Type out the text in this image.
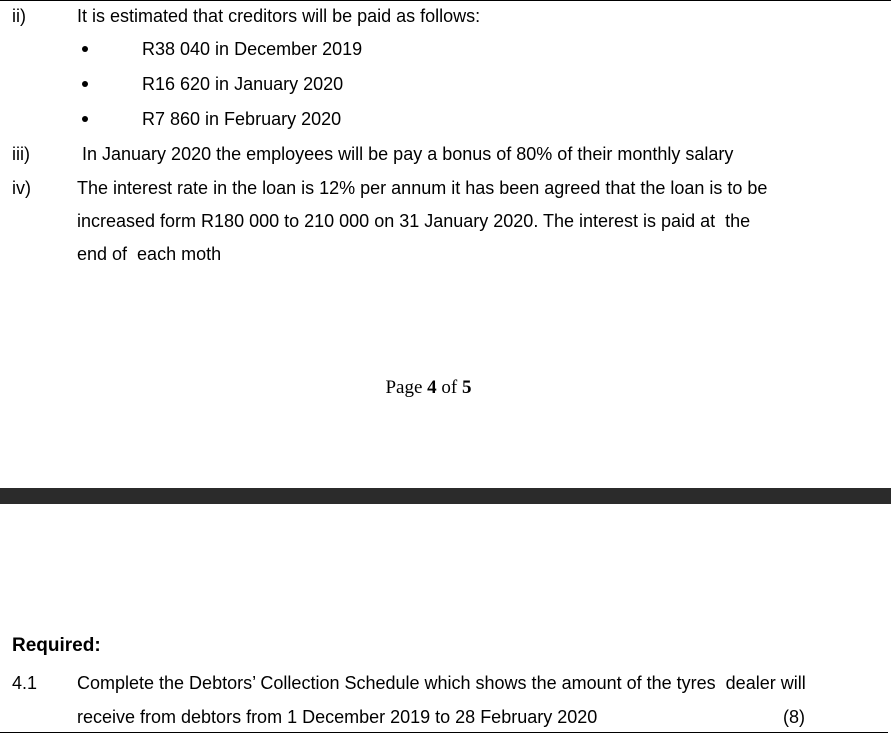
ii)	It is estimated that creditors will be paid as follows:
R38 040 in December 2019
R16 620 in January 2020
R7 860 in February 2020
iii)	In January 2020 the employees will be pay a bonus of 80% of their monthly salary
iv)	The interest rate in the loan is 12% per annum it has been agreed that the loan is to be
increased form R180 000 to 210 000 on 31 January 2020. The interest is paid at  the
end of  each moth
Page 4 of 5
Required:
4.1 Complete the Debtors’ Collection Schedule which shows the amount of the tyres  dealer will
receive from debtors from 1 December 2019 to 28 February 2020	(8)
